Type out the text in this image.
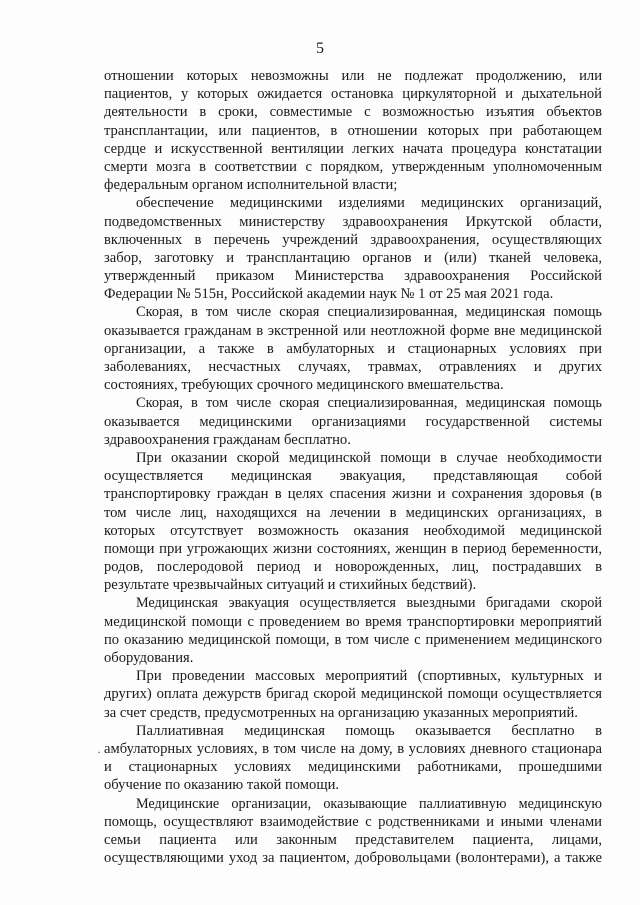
5
отношении которых невозможны или не подлежат продолжению, или
пациентов, у которых ожидается остановка циркуляторной и дыхательной
деятельности в сроки, совместимые с возможностью изъятия объектов
трансплантации, или пациентов, в отношении которых при работающем
сердце и искусственной вентиляции легких начата процедура констатации
смерти мозга в соответствии с порядком, утвержденным уполномоченным
федеральным органом исполнительной власти;
обеспечение медицинскими изделиями медицинских организаций,
подведомственных министерству здравоохранения Иркутской области,
включенных в перечень учреждений здравоохранения, осуществляющих
забор, заготовку и трансплантацию органов и (или) тканей человека,
утвержденный приказом Министерства здравоохранения Российской
Федерации № 515н, Российской академии наук № 1 от 25 мая 2021 года.
Скорая, в том числе скорая специализированная, медицинская помощь
оказывается гражданам в экстренной или неотложной форме вне медицинской
организации, а также в амбулаторных и стационарных условиях при
заболеваниях, несчастных случаях, травмах, отравлениях и других
состояниях, требующих срочного медицинского вмешательства.
Скорая, в том числе скорая специализированная, медицинская помощь
оказывается медицинскими организациями государственной системы
здравоохранения гражданам бесплатно.
При оказании скорой медицинской помощи в случае необходимости
осуществляется медицинская эвакуация, представляющая собой
транспортировку граждан в целях спасения жизни и сохранения здоровья (в
том числе лиц, находящихся на лечении в медицинских организациях, в
которых отсутствует возможность оказания необходимой медицинской
помощи при угрожающих жизни состояниях, женщин в период беременности,
родов, послеродовой период и новорожденных, лиц, пострадавших в
результате чрезвычайных ситуаций и стихийных бедствий).
Медицинская эвакуация осуществляется выездными бригадами скорой
медицинской помощи с проведением во время транспортировки мероприятий
по оказанию медицинской помощи, в том числе с применением медицинского
оборудования.
При проведении массовых мероприятий (спортивных, культурных и
других) оплата дежурств бригад скорой медицинской помощи осуществляется
за счет средств, предусмотренных на организацию указанных мероприятий.
Паллиативная медицинская помощь оказывается бесплатно в
амбулаторных условиях, в том числе на дому, в условиях дневного стационара
и стационарных условиях медицинскими работниками, прошедшими
обучение по оказанию такой помощи.
Медицинские организации, оказывающие паллиативную медицинскую
помощь, осуществляют взаимодействие с родственниками и иными членами
семьи пациента или законным представителем пациента, лицами,
осуществляющими уход за пациентом, добровольцами (волонтерами), а также
·
